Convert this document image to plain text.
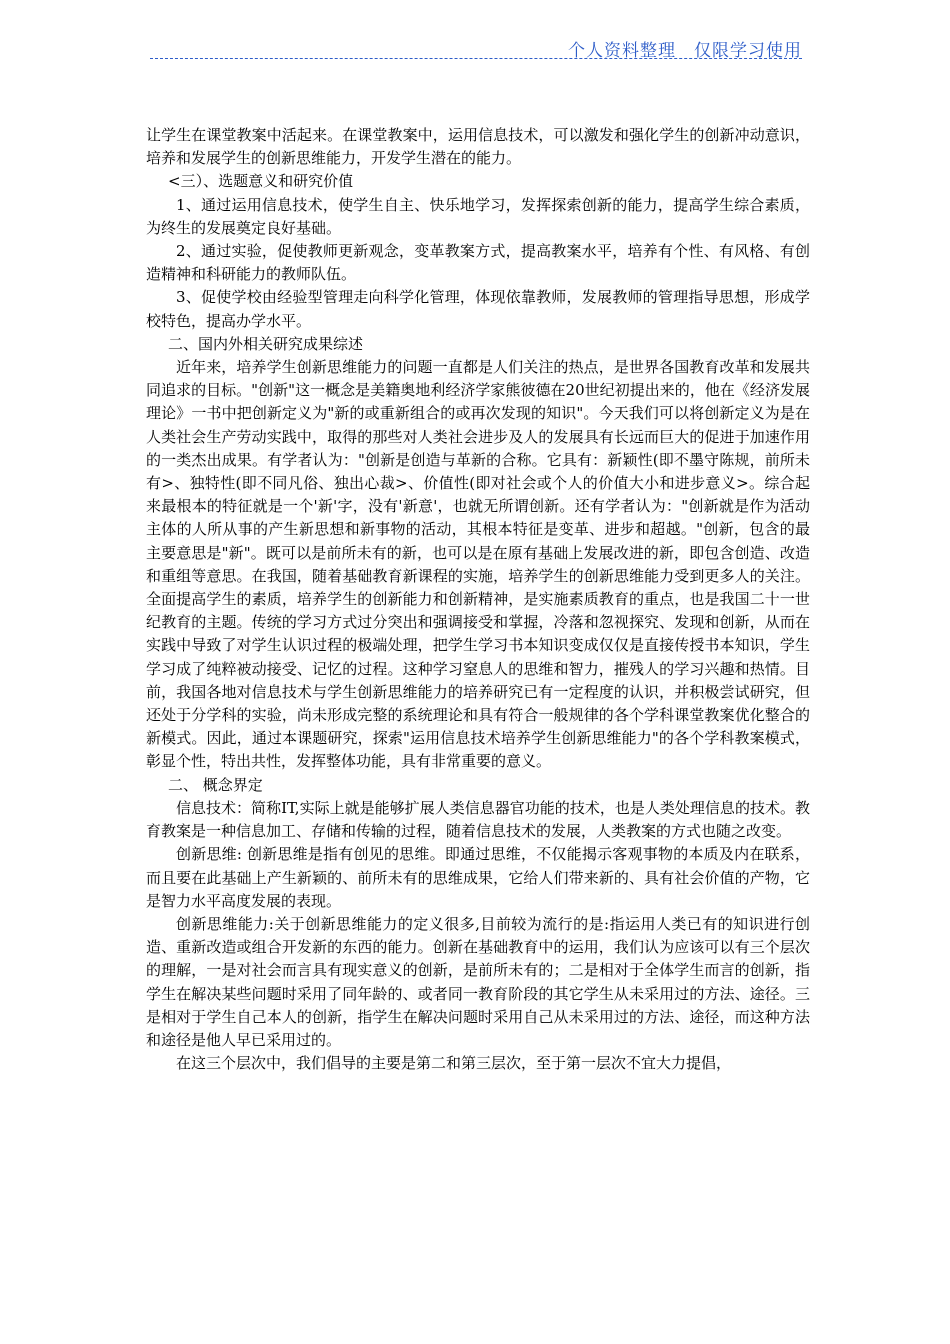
个人资料整理　仅限学习使用

让学生在课堂教案中活起来。在课堂教案中，运用信息技术，可以激发和强化学生的创新冲动意识，培养和发展学生的创新思维能力，开发学生潜在的能力。

<三）、选题意义和研究价值

1、通过运用信息技术，使学生自主、快乐地学习，发挥探索创新的能力，提高学生综合素质，为终生的发展奠定良好基础。

2、通过实验，促使教师更新观念，变革教案方式，提高教案水平，培养有个性、有风格、有创造精神和科研能力的教师队伍。

3、促使学校由经验型管理走向科学化管理，体现依靠教师，发展教师的管理指导思想，形成学校特色，提高办学水平。

二、国内外相关研究成果综述

近年来，培养学生创新思维能力的问题一直都是人们关注的热点，是世界各国教育改革和发展共同追求的目标。"创新"这一概念是美籍奥地利经济学家熊彼德在20世纪初提出来的，他在《经济发展理论》一书中把创新定义为"新的或重新组合的或再次发现的知识"。今天我们可以将创新定义为是在人类社会生产劳动实践中，取得的那些对人类社会进步及人的发展具有长远而巨大的促进于加速作用的一类杰出成果。有学者认为："创新是创造与革新的合称。它具有：新颖性(即不墨守陈规，前所未有>、独特性(即不同凡俗、独出心裁>、价值性(即对社会或个人的价值大小和进步意义>。综合起来最根本的特征就是一个'新'字，没有'新意'，也就无所谓创新。还有学者认为："创新就是作为活动主体的人所从事的产生新思想和新事物的活动，其根本特征是变革、进步和超越。"创新，包含的最主要意思是"新"。既可以是前所未有的新，也可以是在原有基础上发展改进的新，即包含创造、改造和重组等意思。在我国，随着基础教育新课程的实施，培养学生的创新思维能力受到更多人的关注。全面提高学生的素质，培养学生的创新能力和创新精神，是实施素质教育的重点，也是我国二十一世纪教育的主题。传统的学习方式过分突出和强调接受和掌握，冷落和忽视探究、发现和创新，从而在实践中导致了对学生认识过程的极端处理，把学生学习书本知识变成仅仅是直接传授书本知识，学生学习成了纯粹被动接受、记忆的过程。这种学习窒息人的思维和智力，摧残人的学习兴趣和热情。目前，我国各地对信息技术与学生创新思维能力的培养研究已有一定程度的认识，并积极尝试研究，但还处于分学科的实验，尚未形成完整的系统理论和具有符合一般规律的各个学科课堂教案优化整合的新模式。因此，通过本课题研究，探索"运用信息技术培养学生创新思维能力"的各个学科教案模式，彰显个性，特出共性，发挥整体功能，具有非常重要的意义。

二、 概念界定

信息技术：简称IT,实际上就是能够扩展人类信息器官功能的技术，也是人类处理信息的技术。教育教案是一种信息加工、存储和传输的过程，随着信息技术的发展，人类教案的方式也随之改变。

创新思维: 创新思维是指有创见的思维。即通过思维，不仅能揭示客观事物的本质及内在联系，而且要在此基础上产生新颖的、前所未有的思维成果，它给人们带来新的、具有社会价值的产物，它是智力水平高度发展的表现。

创新思维能力:关于创新思维能力的定义很多,目前较为流行的是:指运用人类已有的知识进行创造、重新改造或组合开发新的东西的能力。创新在基础教育中的运用，我们认为应该可以有三个层次的理解，一是对社会而言具有现实意义的创新，是前所未有的；二是相对于全体学生而言的创新，指学生在解决某些问题时采用了同年龄的、或者同一教育阶段的其它学生从未采用过的方法、途径。三是相对于学生自己本人的创新，指学生在解决问题时采用自己从未采用过的方法、途径，而这种方法和途径是他人早已采用过的。

在这三个层次中，我们倡导的主要是第二和第三层次，至于第一层次不宜大力提倡，
